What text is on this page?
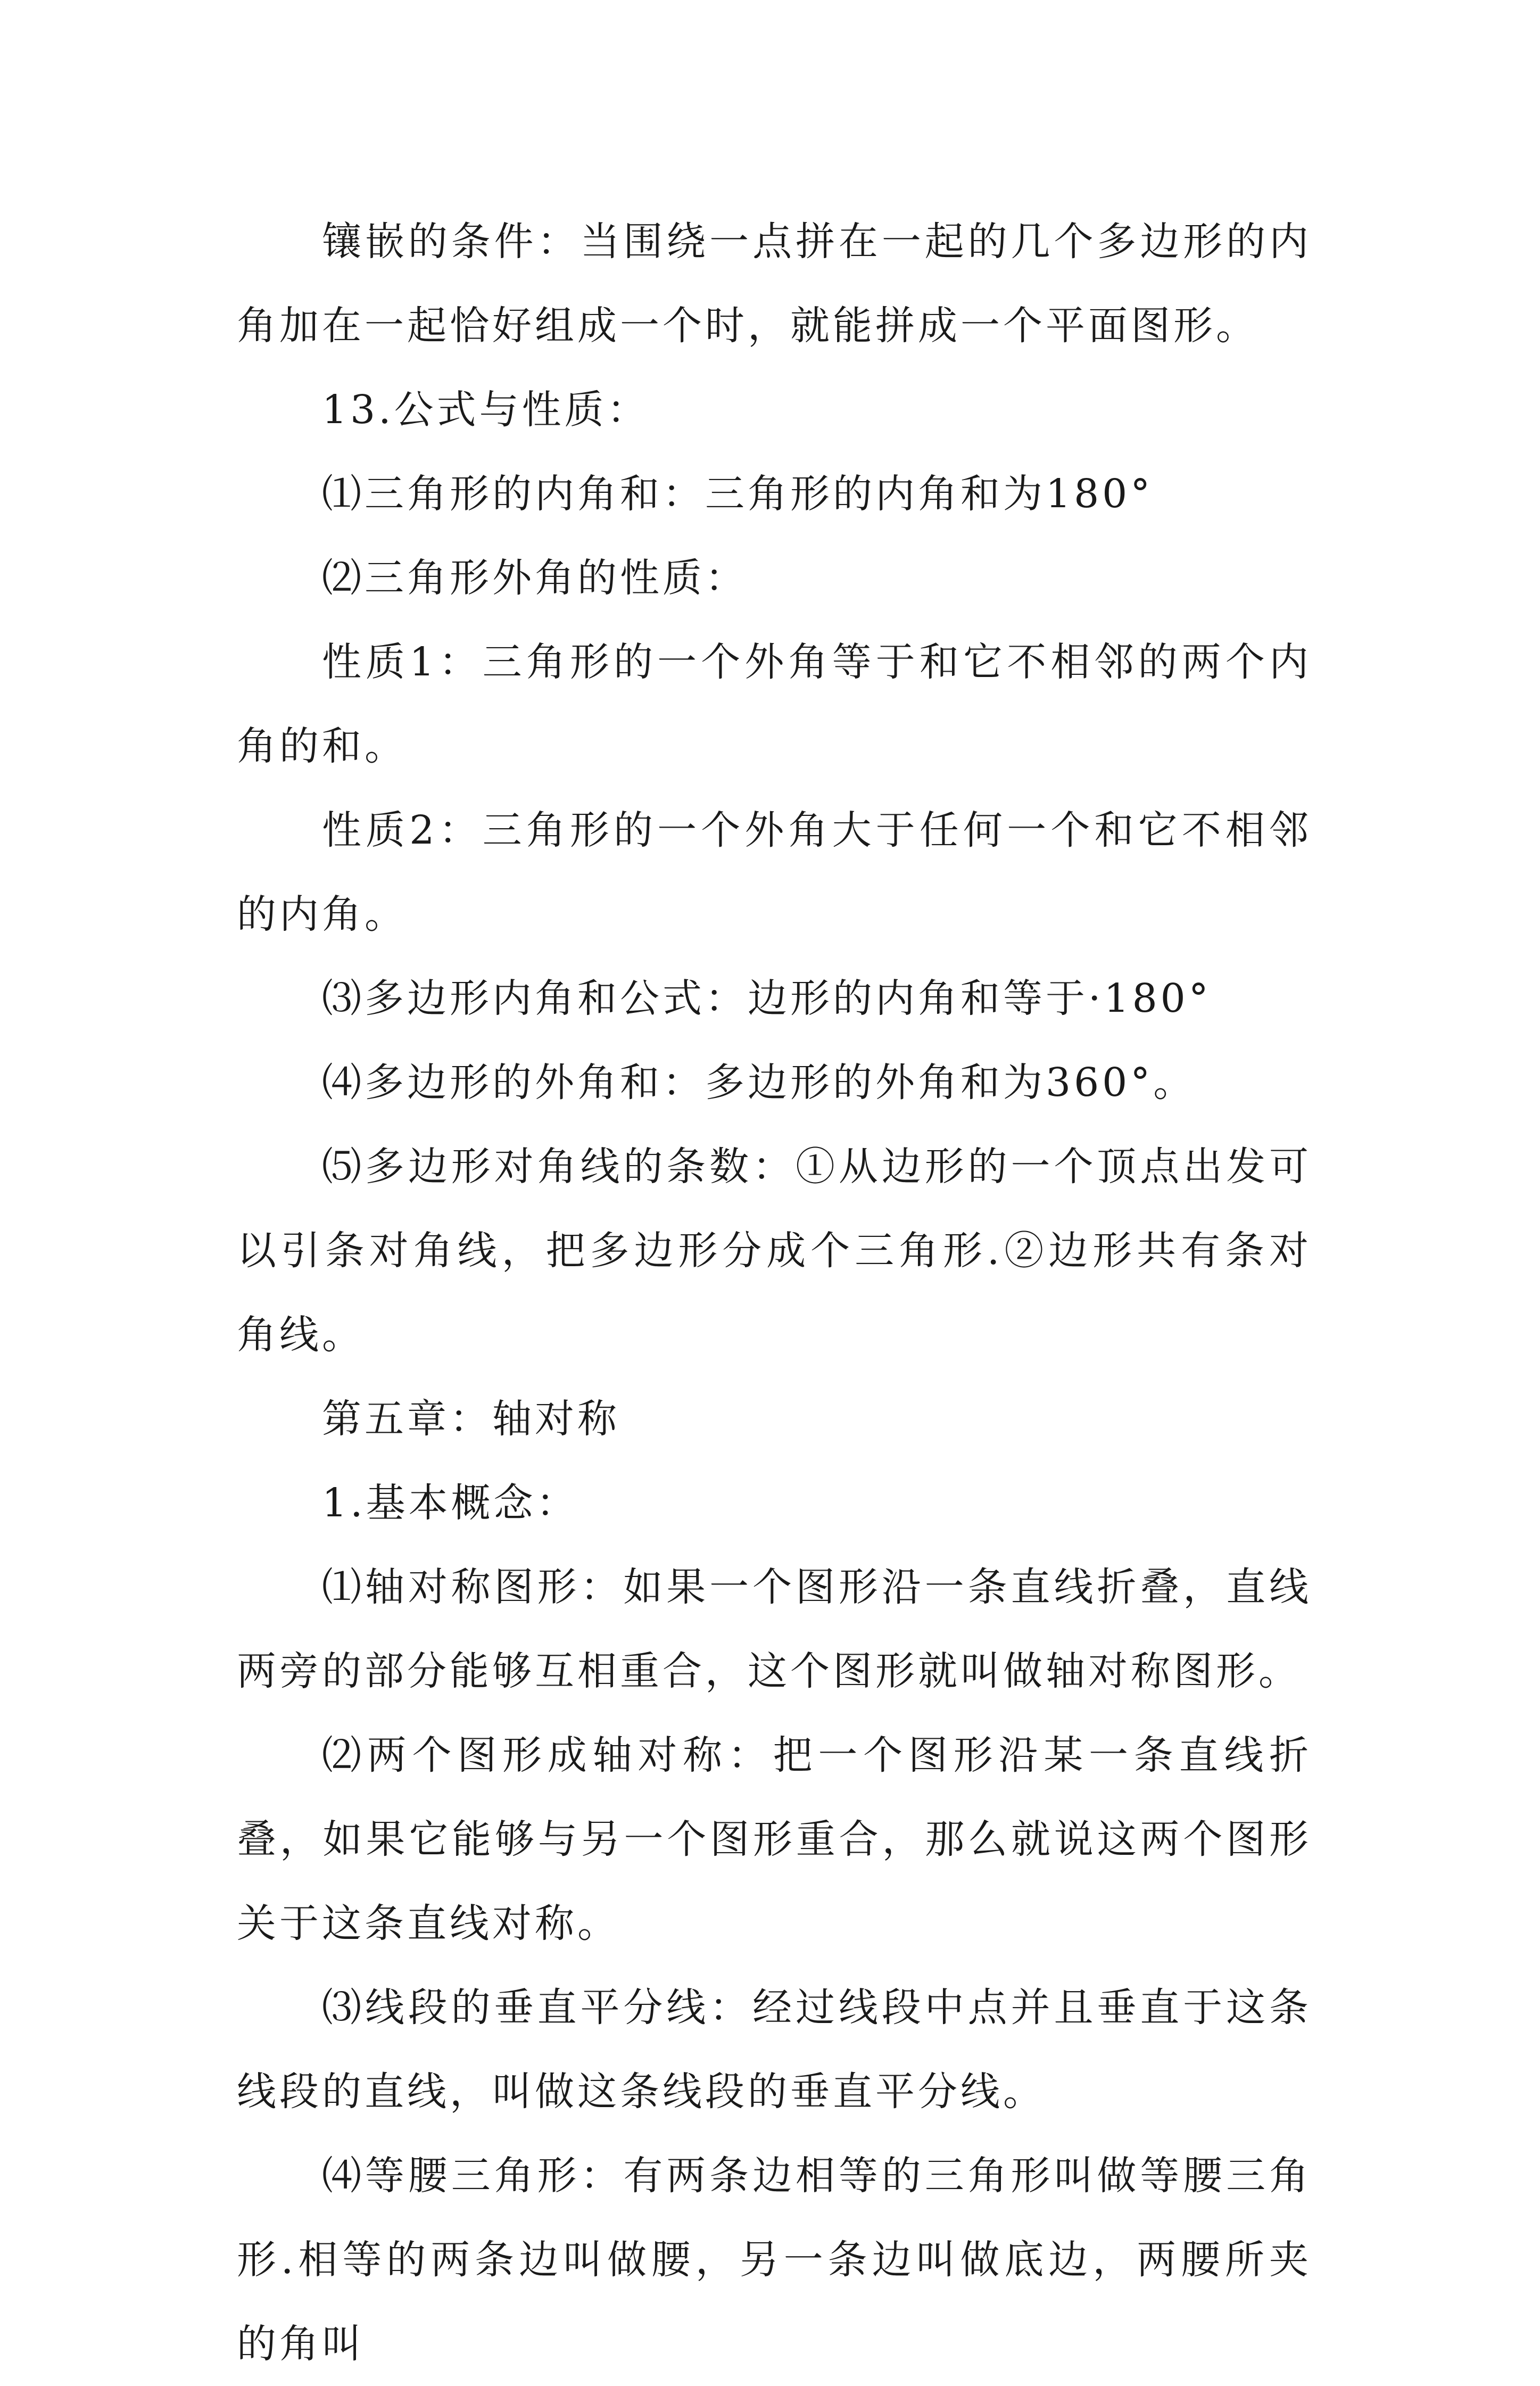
镶嵌的条件：当围绕一点拼在一起的几个多边形的内角加在一起恰好组成一个时，就能拼成一个平面图形。

13.公式与性质：

⑴三角形的内角和：三角形的内角和为180°

⑵三角形外角的性质：

性质1：三角形的一个外角等于和它不相邻的两个内角的和。

性质2：三角形的一个外角大于任何一个和它不相邻的内角。

⑶多边形内角和公式：边形的内角和等于·180°

⑷多边形的外角和：多边形的外角和为360°。

⑸多边形对角线的条数：①从边形的一个顶点出发可以引条对角线，把多边形分成个三角形.②边形共有条对角线。

第五章：轴对称

1.基本概念：

⑴轴对称图形：如果一个图形沿一条直线折叠，直线两旁的部分能够互相重合，这个图形就叫做轴对称图形。

⑵两个图形成轴对称：把一个图形沿某一条直线折叠，如果它能够与另一个图形重合，那么就说这两个图形关于这条直线对称。

⑶线段的垂直平分线：经过线段中点并且垂直于这条线段的直线，叫做这条线段的垂直平分线。

⑷等腰三角形：有两条边相等的三角形叫做等腰三角形.相等的两条边叫做腰，另一条边叫做底边，两腰所夹的角叫
